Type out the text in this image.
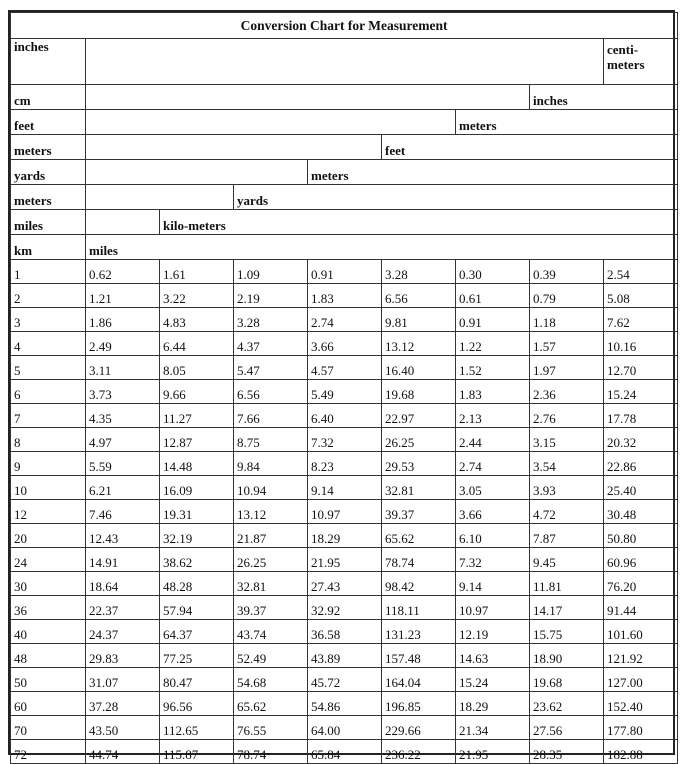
Conversion Chart for Measurement								
inches								centi-meters
cm							inches	
feet						meters		
meters					feet			
yards				meters				
meters			yards					
miles		kilo-meters						
km	miles							
1	0.62	1.61	1.09	0.91	3.28	0.30	0.39	2.54
2	1.21	3.22	2.19	1.83	6.56	0.61	0.79	5.08
3	1.86	4.83	3.28	2.74	9.81	0.91	1.18	7.62
4	2.49	6.44	4.37	3.66	13.12	1.22	1.57	10.16
5	3.11	8.05	5.47	4.57	16.40	1.52	1.97	12.70
6	3.73	9.66	6.56	5.49	19.68	1.83	2.36	15.24
7	4.35	11.27	7.66	6.40	22.97	2.13	2.76	17.78
8	4.97	12.87	8.75	7.32	26.25	2.44	3.15	20.32
9	5.59	14.48	9.84	8.23	29.53	2.74	3.54	22.86
10	6.21	16.09	10.94	9.14	32.81	3.05	3.93	25.40
12	7.46	19.31	13.12	10.97	39.37	3.66	4.72	30.48
20	12.43	32.19	21.87	18.29	65.62	6.10	7.87	50.80
24	14.91	38.62	26.25	21.95	78.74	7.32	9.45	60.96
30	18.64	48.28	32.81	27.43	98.42	9.14	11.81	76.20
36	22.37	57.94	39.37	32.92	118.11	10.97	14.17	91.44
40	24.37	64.37	43.74	36.58	131.23	12.19	15.75	101.60
48	29.83	77.25	52.49	43.89	157.48	14.63	18.90	121.92
50	31.07	80.47	54.68	45.72	164.04	15.24	19.68	127.00
60	37.28	96.56	65.62	54.86	196.85	18.29	23.62	152.40
70	43.50	112.65	76.55	64.00	229.66	21.34	27.56	177.80
72	44.74	115.87	78.74	65.84	236.22	21.95	28.35	182.88
